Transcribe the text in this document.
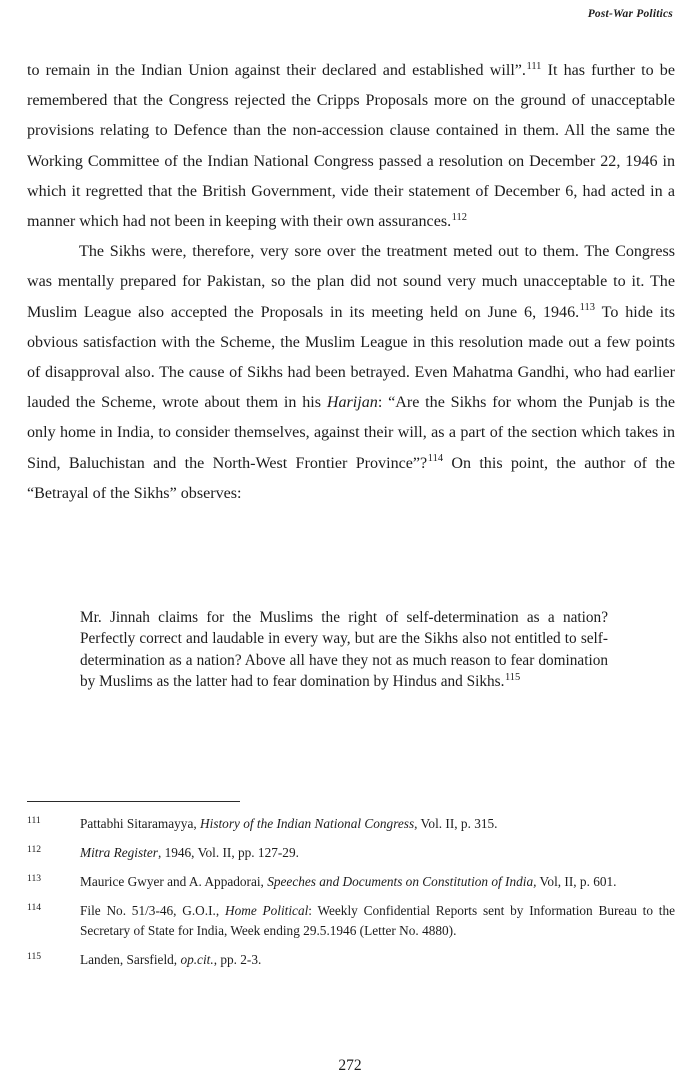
Post-War Politics

to remain in the Indian Union against their declared and established will”.$^{111}$ It has further to be remembered that the Congress rejected the Cripps Proposals more on the ground of unacceptable provisions relating to Defence than the non-accession clause contained in them. All the same the Working Committee of the Indian National Congress passed a resolution on December 22, 1946 in which it regretted that the British Government, vide their statement of December 6, had acted in a manner which had not been in keeping with their own assurances.$^{112}$

The Sikhs were, therefore, very sore over the treatment meted out to them. The Congress was mentally prepared for Pakistan, so the plan did not sound very much unacceptable to it. The Muslim League also accepted the Proposals in its meeting held on June 6, 1946.$^{113}$ To hide its obvious satisfaction with the Scheme, the Muslim League in this resolution made out a few points of disapproval also. The cause of Sikhs had been betrayed. Even Mahatma Gandhi, who had earlier lauded the Scheme, wrote about them in his Harijan: “Are the Sikhs for whom the Punjab is the only home in India, to consider themselves, against their will, as a part of the section which takes in Sind, Baluchistan and the North-West Frontier Province”?$^{114}$ On this point, the author of the “Betrayal of the Sikhs” observes:

Mr. Jinnah claims for the Muslims the right of self-determination as a nation? Perfectly correct and laudable in every way, but are the Sikhs also not entitled to self-determination as a nation? Above all have they not as much reason to fear domination by Muslims as the latter had to fear domination by Hindus and Sikhs.$^{115}$

111	Pattabhi Sitaramayya, History of the Indian National Congress, Vol. II, p. 315.
112	Mitra Register, 1946, Vol. II, pp. 127-29.
113	Maurice Gwyer and A. Appadorai, Speeches and Documents on Constitution of India, Vol, II, p. 601.
114	File No. 51/3-46, G.O.I., Home Political: Weekly Confidential Reports sent by Information Bureau to the Secretary of State for India, Week ending 29.5.1946 (Letter No. 4880).
115	Landen, Sarsfield, op.cit., pp. 2-3.
272
